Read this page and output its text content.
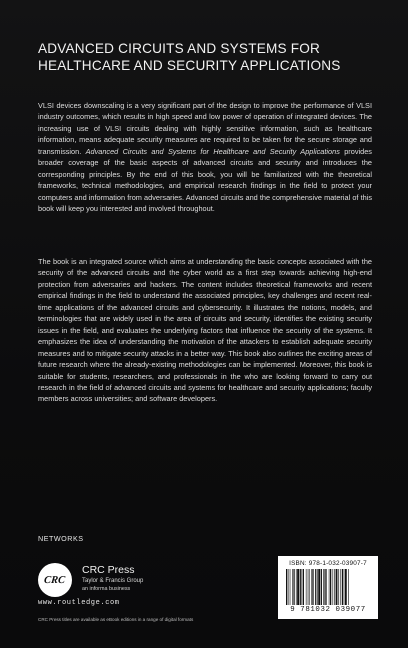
ADVANCED CIRCUITS AND SYSTEMS FOR
HEALTHCARE AND SECURITY APPLICATIONS

VLSI devices downscaling is a very significant part of the design to improve the performance of VLSI industry outcomes, which results in high speed and low power of operation of integrated devices. The increasing use of VLSI circuits dealing with highly sensitive information, such as healthcare information, means adequate security measures are required to be taken for the secure storage and transmission. Advanced Circuits and Systems for Healthcare and Security Applications provides broader coverage of the basic aspects of advanced circuits and security and introduces the corresponding principles. By the end of this book, you will be familiarized with the theoretical frameworks, technical methodologies, and empirical research findings in the field to protect your computers and information from adversaries. Advanced circuits and the comprehensive material of this book will keep you interested and involved throughout.

The book is an integrated source which aims at understanding the basic concepts associated with the security of the advanced circuits and the cyber world as a first step towards achieving high-end protection from adversaries and hackers. The content includes theoretical frameworks and recent empirical findings in the field to understand the associated principles, key challenges and recent real-time applications of the advanced circuits and cybersecurity. It illustrates the notions, models, and terminologies that are widely used in the area of circuits and security, identifies the existing security issues in the field, and evaluates the underlying factors that influence the security of the systems. It emphasizes the idea of understanding the motivation of the attackers to establish adequate security measures and to mitigate security attacks in a better way. This book also outlines the exciting areas of future research where the already-existing methodologies can be implemented. Moreover, this book is suitable for students, researchers, and professionals in the who are looking forward to carry out research in the field of advanced circuits and systems for healthcare and security applications; faculty members across universities; and software developers.

NETWORKS
CRC
CRC Press
Taylor & Francis Group
an informa business
www.routledge.com
CRC Press titles are available as eBook editions in a range of digital formats
ISBN: 978-1-032-03907-7
9 781032 039077
